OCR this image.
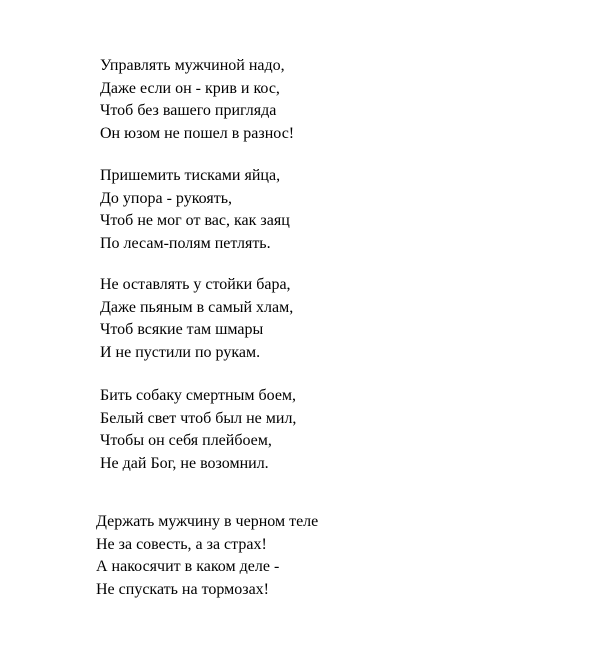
Управлять мужчиной надо,
Даже если он - крив и кос,
Чтоб без вашего пригляда
Он юзом не пошел в разнос!

Пришемить тисками яйца,
До упора - рукоять,
Чтоб не мог от вас, как заяц
По лесам-полям петлять.

Не оставлять у стойки бара,
Даже пьяным в самый хлам,
Чтоб всякие там шмары
И не пустили по рукам.

Бить собаку смертным боем,
Белый свет чтоб был не мил,
Чтобы он себя плейбоем,
Не дай Бог, не возомнил.

Держать мужчину в черном теле
Не за совесть, а за страх!
А накосячит в каком деле -
Не спускать на тормозах!
